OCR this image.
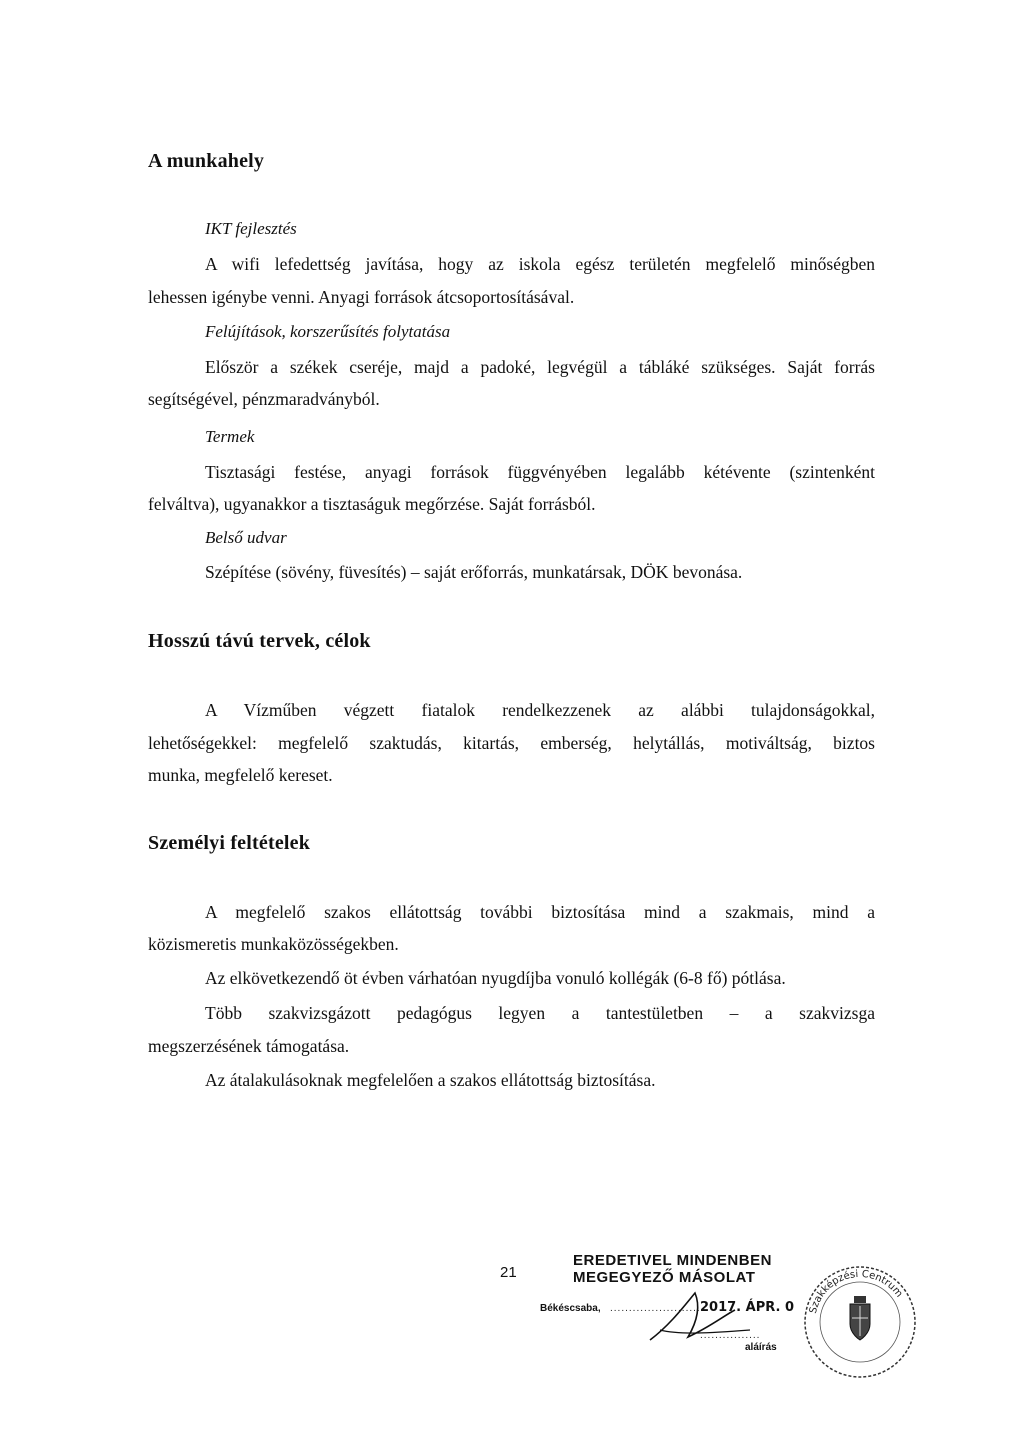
A munkahely
IKT fejlesztés
A wifi lefedettség javítása, hogy az iskola egész területén megfelelő minőségben
lehessen igénybe venni. Anyagi források átcsoportosításával.
Felújítások, korszerűsítés folytatása
Először a székek cseréje, majd a padoké, legvégül a tábláké szükséges. Saját forrás
segítségével, pénzmaradványból.
Termek
Tisztasági festése, anyagi források függvényében legalább kétévente (szintenként
felváltva), ugyanakkor a tisztaságuk megőrzése. Saját forrásból.
Belső udvar
Szépítése (sövény, füvesítés) – saját erőforrás, munkatársak, DÖK bevonása.
Hosszú távú tervek, célok
A Vízműben végzett fiatalok rendelkezzenek az alábbi tulajdonságokkal,
lehetőségekkel: megfelelő szaktudás, kitartás, emberség, helytállás, motiváltság, biztos
munka, megfelelő kereset.
Személyi feltételek
A megfelelő szakos ellátottság további biztosítása mind a szakmais, mind a
közismeretis munkaközösségekben.
Az elkövetkezendő öt évben várhatóan nyugdíjba vonuló kollégák (6-8 fő) pótlása.
Több szakvizsgázott pedagógus legyen a tantestületben – a szakvizsga
megszerzésének támogatása.
Az átalakulásoknak megfelelően a szakos ellátottság biztosítása.
21
EREDETIVEL MINDENBEN
MEGEGYEZŐ MÁSOLAT
Békéscsaba, ..........................
2017. ÁPR. 0
................
aláírás
Szakképzési Centrum
